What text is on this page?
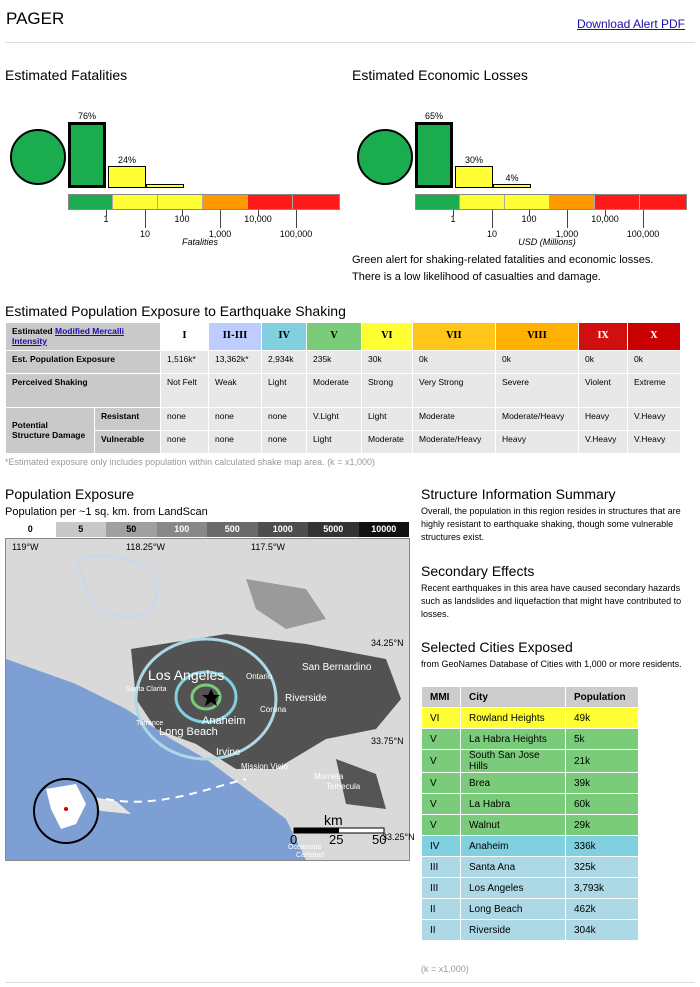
PAGER	Download Alert PDF
Estimated Fatalities
76%
24%
1
10
100
1,000
10,000
100,000
Fatalities
Estimated Economic Losses
65%
30%
4%
1
10
100
1,000
10,000
100,000
USD (Millions)
Green alert for shaking-related fatalities and economic losses.
There is a low likelihood of casualties and damage.
Estimated Population Exposure to Earthquake Shaking
Estimated Modified Mercalli Intensity		I	II-III	IV	V	VI	VII	VIII	IX	X
Est. Population Exposure		1,516k*	13,362k*	2,934k	235k	30k	0k	0k	0k	0k
Perceived Shaking		Not Felt	Weak	Light	Moderate	Strong	Very Strong	Severe	Violent	Extreme
Potential Structure Damage	Resistant	none	none	none	V.Light	Light	Moderate	Moderate/Heavy	Heavy	V.Heavy
	Vulnerable	none	none	none	Light	Moderate	Moderate/Heavy	Heavy	V.Heavy	V.Heavy
*Estimated exposure only includes population within calculated shake map area. (k = x1,000)
Population Exposure
Population per ~1 sq. km. from LandScan
0	5	50	100	500	1000	5000	10000
km
0 25 50
119°W	118.25°W	117.5°W
34.25°N
33.75°N
33.25°N
Los Angeles	San Bernardino
Riverside
Long Beach
Anaheim
Irvine
Ontario
Corona
Mission Viejo
Murrieta
Temecula
Santa Clarita
Torrance
Oceanside
Carlsbad
Structure Information Summary
Overall, the population in this region resides in structures that are highly resistant to earthquake shaking, though some vulnerable structures exist.
Secondary Effects
Recent earthquakes in this area have caused secondary hazards such as landslides and liquefaction that might have contributed to losses.
Selected Cities Exposed
from GeoNames Database of Cities with 1,000 or more residents.
MMI	City	Population
VI	Rowland Heights	49k
V	La Habra Heights	5k
V	South San Jose Hills	21k
V	Brea	39k
V	La Habra	60k
V	Walnut	29k
IV	Anaheim	336k
III	Santa Ana	325k
III	Los Angeles	3,793k
II	Long Beach	462k
II	Riverside	304k
(k = x1,000)
